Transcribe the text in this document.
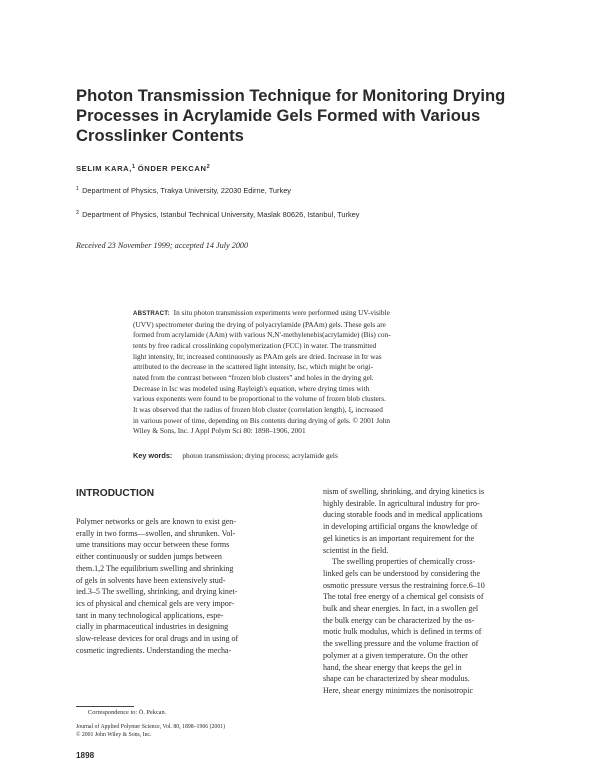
Photon Transmission Technique for Monitoring Drying
Processes in Acrylamide Gels Formed with Various
Crosslinker Contents
SELIM KARA,$^1$ ÖNDER PEKCAN$^2$
$^1$ Department of Physics, Trakya University, 22030 Edirne, Turkey
$^2$ Department of Physics, Istanbul Technical University, Maslak 80626, Istanbul, Turkey
Received 23 November 1999; accepted 14 July 2000
ABSTRACT: In situ photon transmission experiments were performed using UV-visible
(UVV) spectrometer during the drying of polyacrylamide (PAAm) gels. These gels are
formed from acrylamide (AAm) with various N,N'-methylenebis(acrylamide) (Bis) con-
tents by free radical crosslinking copolymerization (FCC) in water. The transmitted
light intensity, Itr, increased continuously as PAAm gels are dried. Increase in Itr was
attributed to the decrease in the scattered light intensity, Isc, which might be origi-
nated from the contrast between “frozen blob clusters” and holes in the drying gel.
Decrease in Isc was modeled using Rayleigh's equation, where drying times with
various exponents were found to be proportional to the volume of frozen blob clusters.
It was observed that the radius of frozen blob cluster (correlation length), ξ, increased
in various power of time, depending on Bis contents during drying of gels. © 2001 John
Wiley & Sons, Inc. J Appl Polym Sci 80: 1898–1906, 2001
Key words: photon transmission; drying process; acrylamide gels
INTRODUCTION
Polymer networks or gels are known to exist gen-
erally in two forms—swollen, and shrunken. Vol-
ume transitions may occur between these forms
either continuously or sudden jumps between
them.1,2 The equilibrium swelling and shrinking
of gels in solvents have been extensively stud-
ied.3–5 The swelling, shrinking, and drying kinet-
ics of physical and chemical gels are very impor-
tant in many technological applications, espe-
cially in pharmaceutical industries in designing
slow-release devices for oral drugs and in using of
cosmetic ingredients. Understanding the mecha-
nism of swelling, shrinking, and drying kinetics is
highly desirable. In agricultural industry for pro-
ducing storable foods and in medical applications
in developing artificial organs the knowledge of
gel kinetics is an important requirement for the
scientist in the field.
The swelling properties of chemically cross-
linked gels can be understood by considering the
osmotic pressure versus the restraining force.6–10
The total free energy of a chemical gel consists of
bulk and shear energies. In fact, in a swollen gel
the bulk energy can be characterized by the os-
motic bulk modulus, which is defined in terms of
the swelling pressure and the volume fraction of
polymer at a given temperature. On the other
hand, the shear energy that keeps the gel in
shape can be characterized by shear modulus.
Here, shear energy minimizes the nonisotropic
Correspondence to: Ö. Pekcan.
Journal of Applied Polymer Science, Vol. 80, 1898–1906 (2001)
© 2001 John Wiley & Sons, Inc.
1898
